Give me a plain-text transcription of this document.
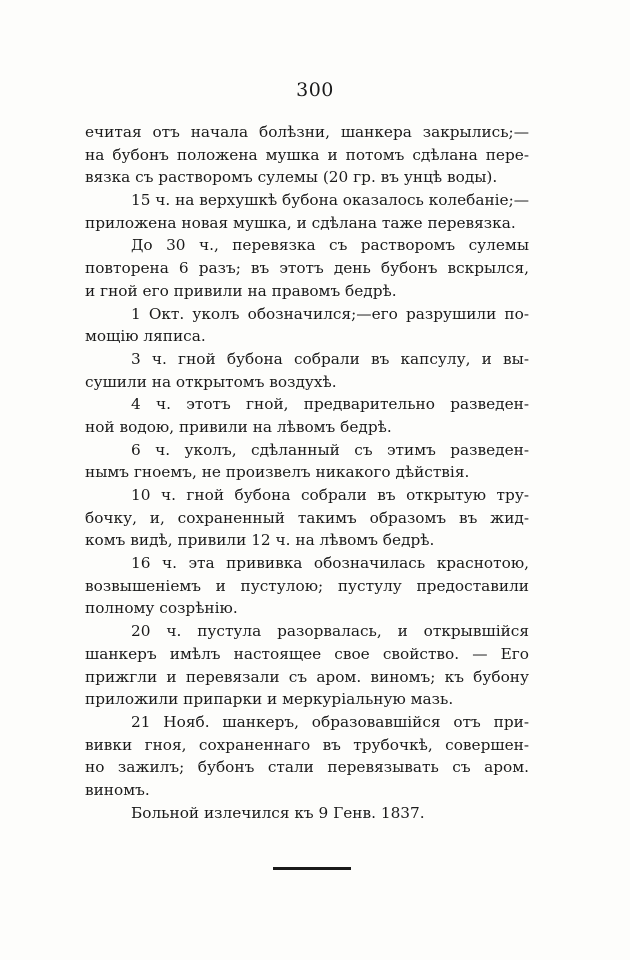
300
ечитая отъ начала болѣзни, шанкера закрылись;—
на бубонъ положена мушка и потомъ сдѣлана пере-
вязка съ растворомъ сулемы (20 гр. въ унцѣ воды).
15 ч. на верхушкѣ бубона оказалось колебаніе;—
приложена новая мушка, и сдѣлана таже перевязка.
До 30 ч., перевязка съ растворомъ сулемы
повторена 6 разъ; въ этотъ день бубонъ вскрылся,
и гной его привили на правомъ бедрѣ.
1 Окт. уколъ обозначился;—его разрушили по-
мощію ляписа.
3 ч. гной бубона собрали въ капсулу, и вы-
сушили на открытомъ воздухѣ.
4 ч. этотъ гной, предварительно разведен-
ной водою, привили на лѣвомъ бедрѣ.
6 ч. уколъ, сдѣланный съ этимъ разведен-
нымъ гноемъ, не произвелъ никакого дѣйствія.
10 ч. гной бубона собрали въ открытую тру-
бочку, и, сохраненный такимъ образомъ въ жид-
комъ видѣ, привили 12 ч. на лѣвомъ бедрѣ.
16 ч. эта прививка обозначилась краснотою,
возвышеніемъ и пустулою; пустулу предоставили
полному созрѣнію.
20 ч. пустула разорвалась, и открывшійся
шанкеръ имѣлъ настоящее свое свойство. — Его
прижгли и перевязали съ аром. виномъ; къ бубону
приложили припарки и меркуріальную мазь.
21 Нояб. шанкеръ, образовавшійся отъ при-
вивки гноя, сохраненнаго въ трубочкѣ, совершен-
но зажилъ; бубонъ стали перевязывать съ аром.
виномъ.
Больной излечился къ 9 Генв. 1837.
